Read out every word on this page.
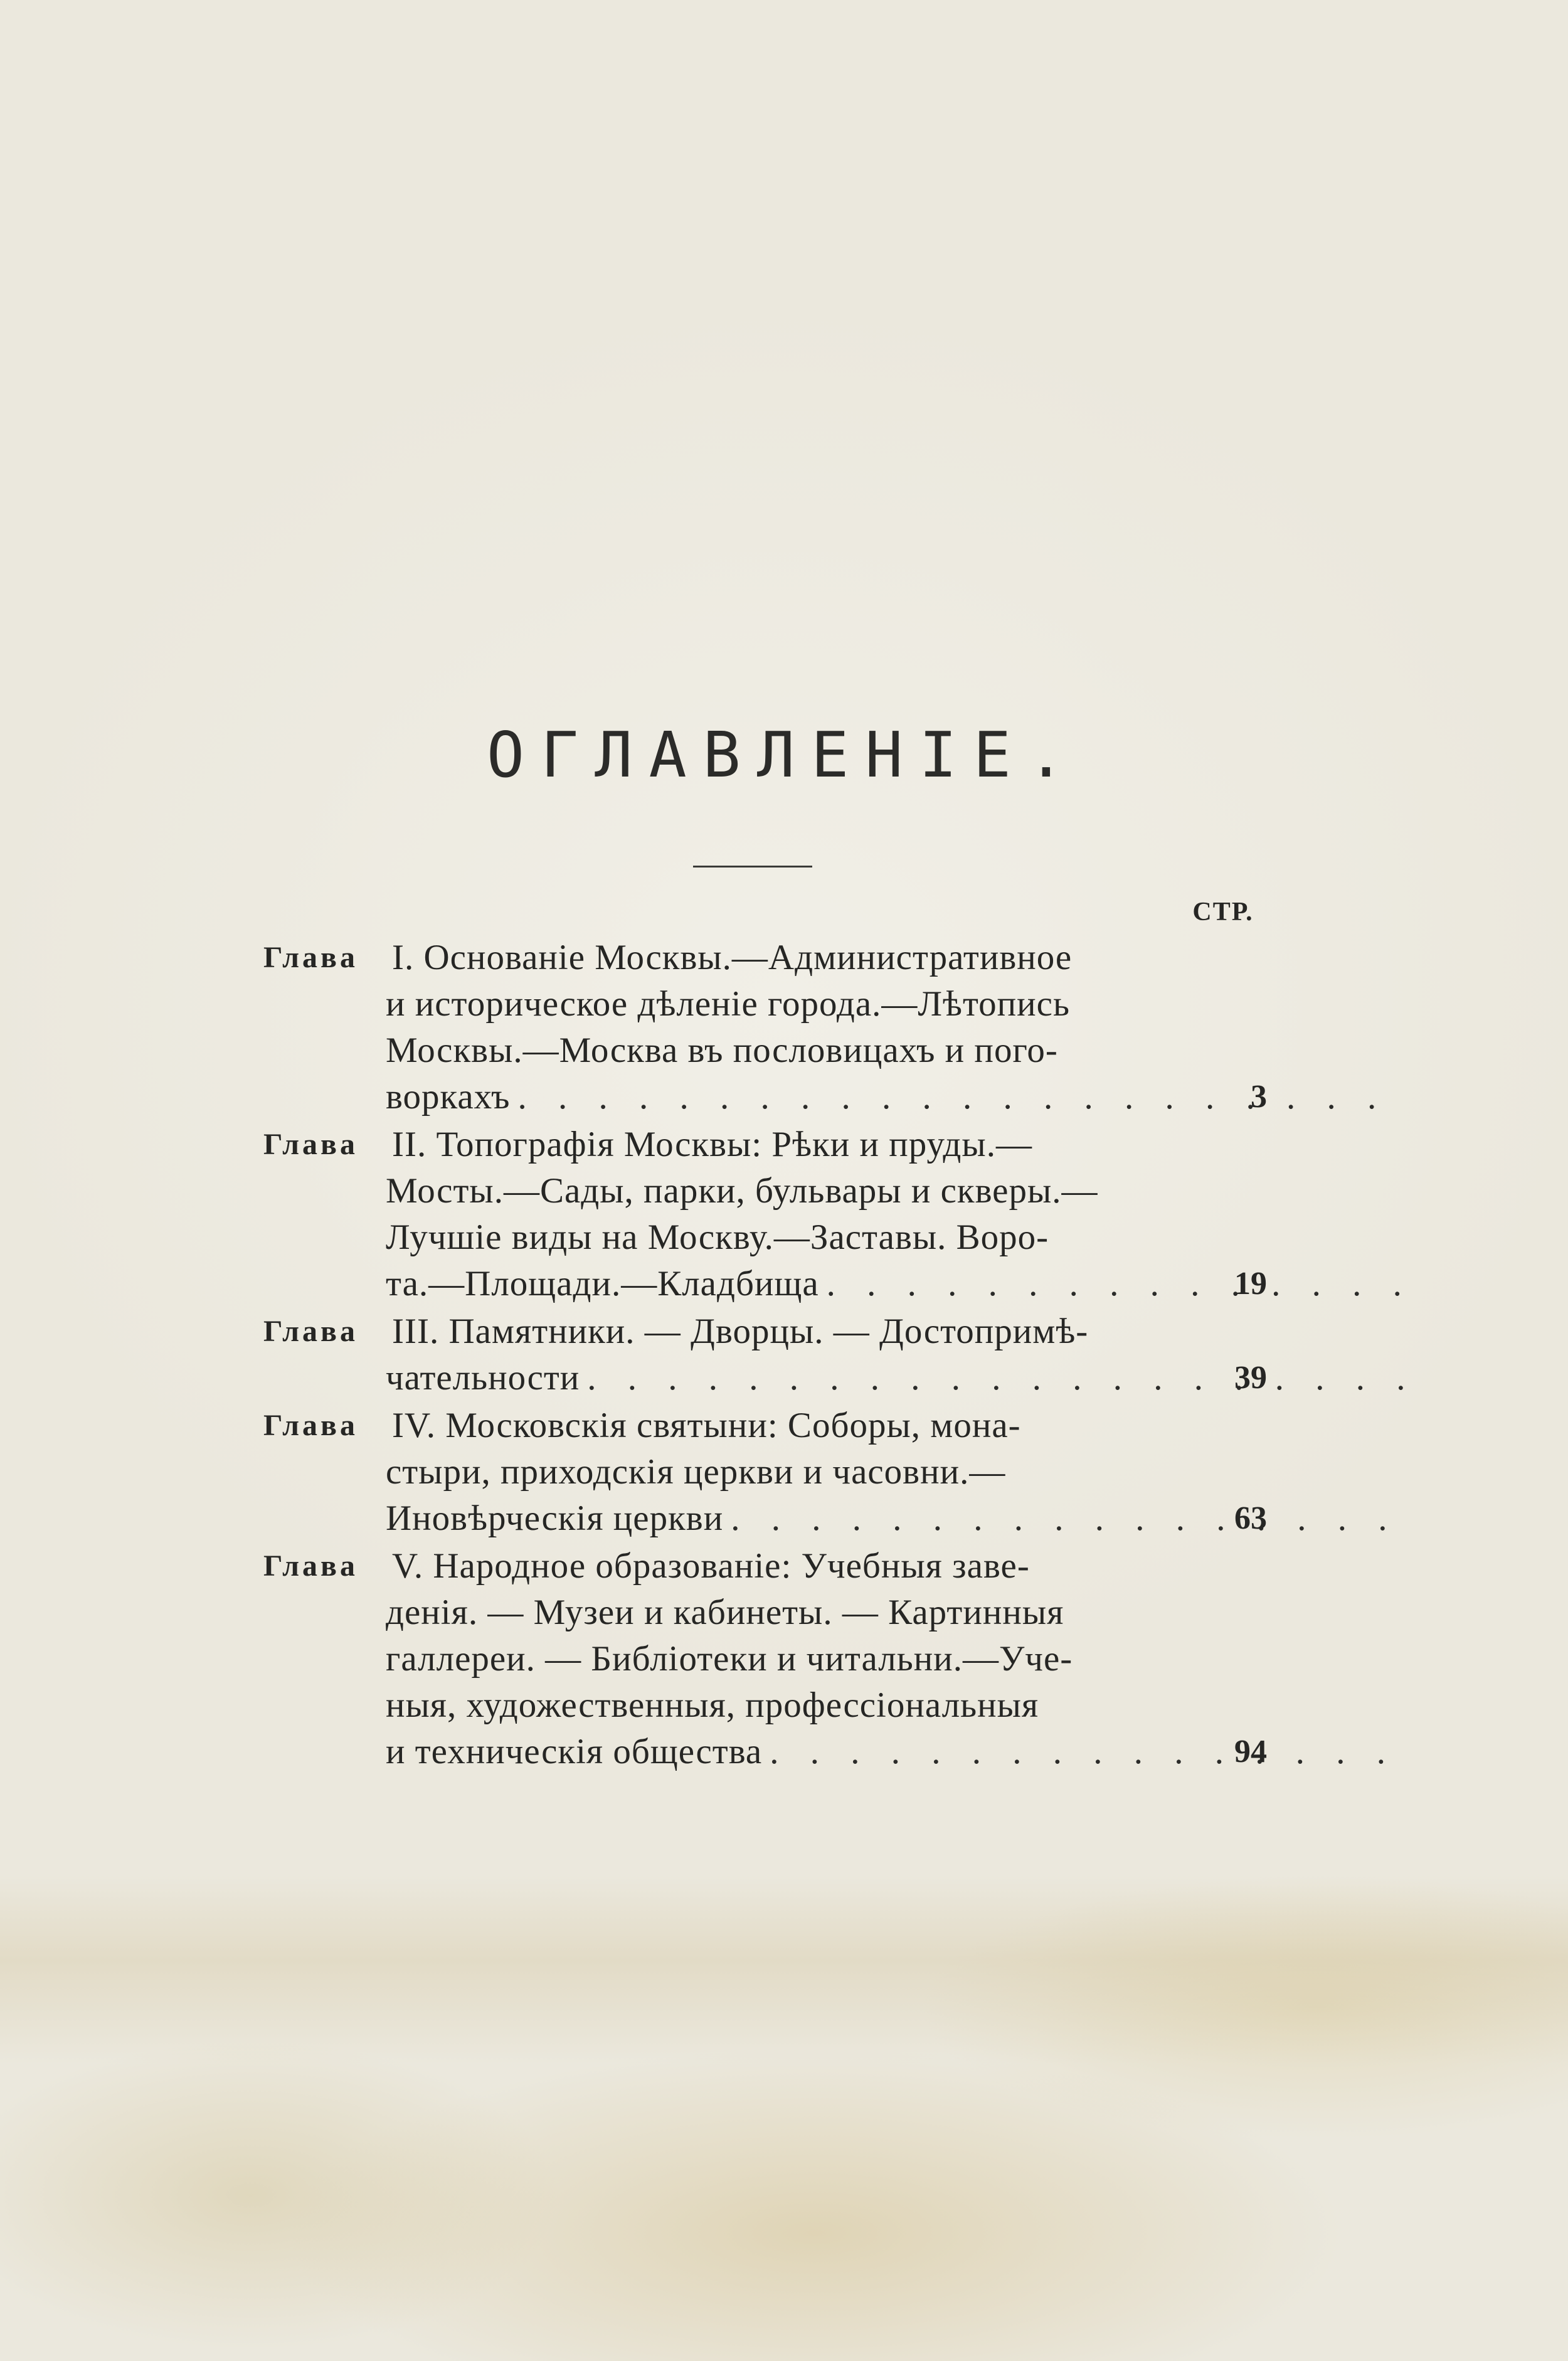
ОГЛАВЛЕНІЕ.
СТР.
Глава I. Основаніе Москвы.—Административное
и историческое дѣленіе города.—Лѣтопись
Москвы.—Москва въ пословицахъ и пого-
воркахъ . . .	3
Глава II. Топографія Москвы: Рѣки и пруды.—
Мосты.—Сады, парки, бульвары и скверы.—
Лучшіе виды на Москву.—Заставы. Воро-
та.—Площади.—Кладбища . . .	19
Глава III. Памятники. — Дворцы. — Достопримѣ-
чательности . . .	39
Глава IV. Московскія святыни: Соборы, мона-
стыри, приходскія церкви и часовни.—
Иновѣрческія церкви . . .	63
Глава V. Народное образованіе: Учебныя заве-
денія. — Музеи и кабинеты. — Картинныя
галлереи. — Библіотеки и читальни.—Уче-
ныя, художественныя, профессіональныя
и техническія общества . . .	94
